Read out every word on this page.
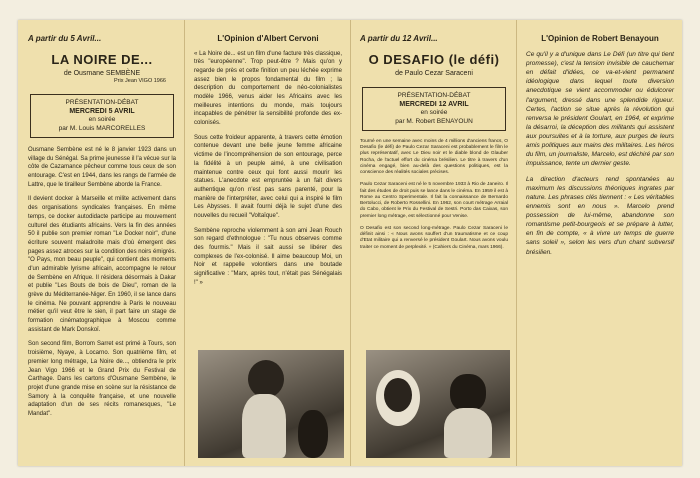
A partir du 5 Avril...
LA NOIRE DE...
de Ousmane SEMBÈNE
Prix Jean VIGO 1966
PRÉSENTATION-DÉBAT
MERCREDI 5 AVRIL
en soirée
par M. Louis MARCORELLES

Ousmane Sembène est né le 8 janvier 1923 dans un village du Sénégal. Sa prime jeunesse il l'a vécue sur la côte de Cazamance pêcheur comme tous ceux de son entourage. C'est en 1944, dans les rangs de l'armée de Lattre, que le tirailleur Sembène aborde la France.

Il devient docker à Marseille et milite activement dans des organisations syndicales françaises. En même temps, ce docker autodidacte participe au mouvement culturel des étudiants africains. Vers la fin des années 50 il publie son premier roman "Le Docker noir", d'une écriture souvent maladroite mais d'où émergent des pages assez atroces sur la condition des noirs émigrés. "O Pays, mon beau peuple", qui contient des moments d'un admirable lyrisme africain, accompagne le retour de Sembène en Afrique. Il résidera désormais à Dakar et publie "Les Bouts de bois de Dieu", roman de la grève du Méditerranée-Niger. En 1960, il se lance dans le cinéma. Ne pouvant apprendre à Paris le nouveau métier qu'il veut être le sien, il part faire un stage de formation cinématographique à Moscou comme assistant de Mark Donskoï.

Son second film, Borrom Sarret est primé à Tours, son troisième, Nyaye, à Locarno. Son quatrième film, et premier long métrage, La Noire de..., obtiendra le prix Jean Vigo 1966 et le Grand Prix du Festival de Carthage. Dans les cartons d'Ousmane Sembène, le projet d'une grande mise en scène sur la résistance de Samory à la conquête française, et une nouvelle adaptation d'un de ses récits romanesques, "Le Mandat".

L'Opinion d'Albert Cervoni

« La Noire de... est un film d'une facture très classique, très "européenne". Trop peut-être ? Mais qu'on y regarde de près et cette finition un peu léchée exprime assez bien le propos fondamental du film ; la description du comportement de néo-colonialistes modèle 1966, venus aider les Africains avec les meilleures intentions du monde, mais toujours incapables de pénétrer la sensibilité profonde des ex-colonisés.

Sous cette froideur apparente, à travers cette émotion contenue devant une belle jeune femme africaine victime de l'incompréhension de son entourage, perce la fidélité à un peuple aimé, à une civilisation maintenue contre ceux qui font aussi mourir les statues. L'anecdote est empruntée à un fait divers authentique qu'on n'est pas sans parenté, pour la manière de l'interpréter, avec celui qui a inspiré le film Les Abysses. Il avait fourni déjà le sujet d'une des nouvelles du recueil "Voltaïque".

Sembène reproche violemment à son ami Jean Rouch son regard d'ethnologue : "Tu nous observes comme des fourmis." Mais il sait aussi se libérer des complexes de l'ex-colonisé. Il aime beaucoup Moi, un Noir et rappelle volontiers dans une boutade significative : "Marx, après tout, n'était pas Sénégalais !" »

A partir du 12 Avril...
O DESAFIO (le défi)
de Paulo Cezar Saraceni
PRÉSENTATION-DÉBAT
MERCREDI 12 AVRIL
en soirée
par M. Robert BENAYOUN

Tourné en une semaine avec moins de 4 millions d'anciens francs, O Desafio (le défi) de Paulo Cezar Saraceni est probablement le film le plus représentatif, avec Le Dieu noir et le diable blond de Glauber Rocha, de l'actuel effort du cinéma brésilien. Le titre à travers d'un cinéma engagé, bien au-delà des questions politiques, est la conscience des réalités sociales précises.

Paulo Cezar Saraceni est né le 5 novembre 1933 à Rio de Janeiro. Il fait des études de droit puis se lance dans le cinéma. En 1959 il est à Rome au Centro Sperimentale. Il fait la connaissance de Bernardo Bertolucci, de Roberto Rossellini. En 1962, son court métrage Arraial do Cabo, obtient le Prix du Festival de Sestri. Porto das Caixas, son premier long métrage, est sélectionné pour Venise.

O Desafio est son second long-métrage. Paulo Cezar Saraceni le définit ainsi : « Nous avons souffert d'un traumatisme et ce coup d'Etat militaire qui a renversé le président Goulart. Nous avons voulu traiter ce moment de perplexité. » (Cahiers du Cinéma, mars 1966).

L'Opinion de Robert Benayoun

Ce qu'il y a d'unique dans Le Défi (un titre qui tient promesse), c'est la tension invisible de cauchemar en défait d'idées, ce va-et-vient permanent idéologique dans lequel toute diversion anecdotique se vient accommoder ou édulcorer l'argument, dressé dans une splendide rigueur. Certes, l'action se situe après la révolution qui renversa le président Goulart, en 1964, et exprime la désarroi, la déception des militants qui assistent aux poursuites et à la torture, aux purges de leurs amis politiques aux mains des militaires. Les héros du film, un journaliste, Marcelo, est déchiré par son impuissance, tente un dernier geste.

La direction d'acteurs rend spontanées au maximum les discussions théoriques ingrates par nature. Les phrases clés tiennent : « Les véritables ennemis sont en nous ». Marcelo prend possession de lui-même, abandonne son romantisme petit-bourgeois et se prépare à lutter, en fin de compte, « à vivre un temps de guerre sans soleil », selon les vers d'un chant subversif brésilien.
